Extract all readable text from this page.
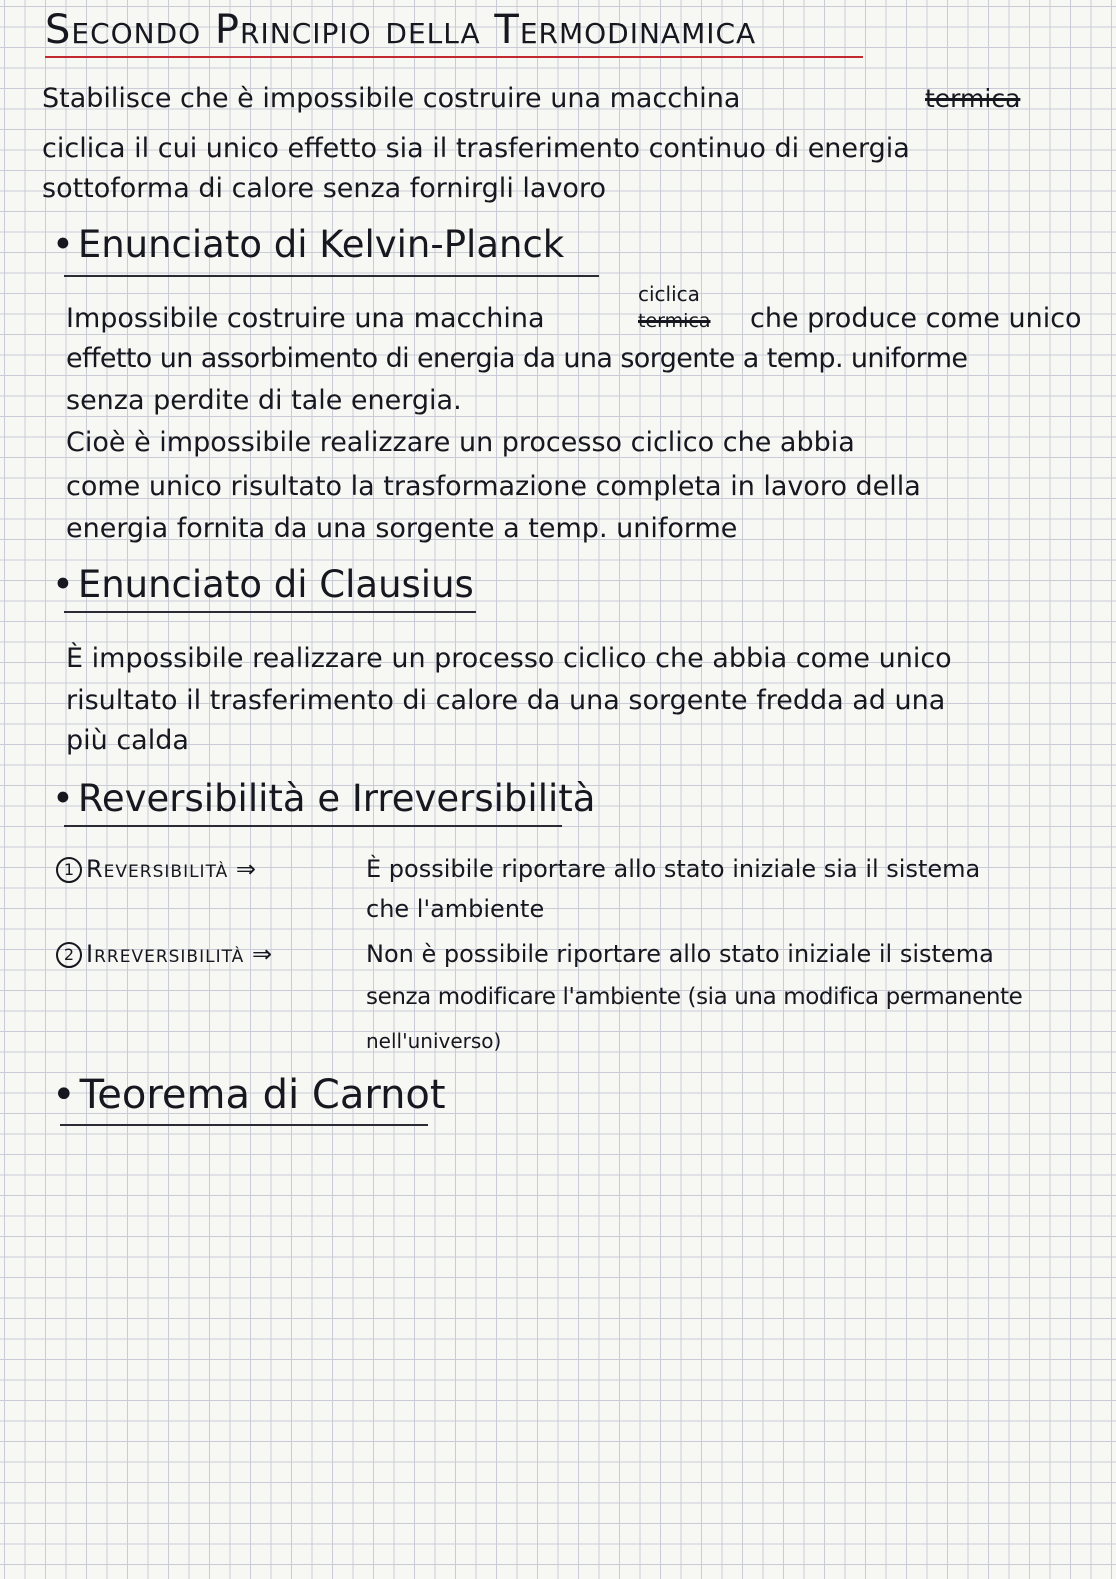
Secondo Principio della Termodinamica
Stabilisce che è impossibile costruire una macchina	termica
ciclica il cui unico effetto sia il trasferimento continuo di energia
sottoforma di calore senza fornirgli lavoro
• Enunciato di Kelvin-Planck
ciclica
Impossibile costruire una macchina	termica che produce come unico
effetto un assorbimento di energia da una sorgente a temp. uniforme
senza perdite di tale energia.
Cioè è impossibile realizzare un processo ciclico che abbia
come unico risultato la trasformazione completa in lavoro della
energia fornita da una sorgente a temp. uniforme
• Enunciato di Clausius
È impossibile realizzare un processo ciclico che abbia come unico
risultato il trasferimento di calore da una sorgente fredda ad una
più calda
• Reversibilità e Irreversibilità
1 Reversibilità ⇒	È possibile riportare allo stato iniziale sia il sistema
che l'ambiente
2 Irreversibilità ⇒	Non è possibile riportare allo stato iniziale il sistema
senza modificare l'ambiente (sia una modifica permanente
nell'universo)
• Teorema di Carnot
